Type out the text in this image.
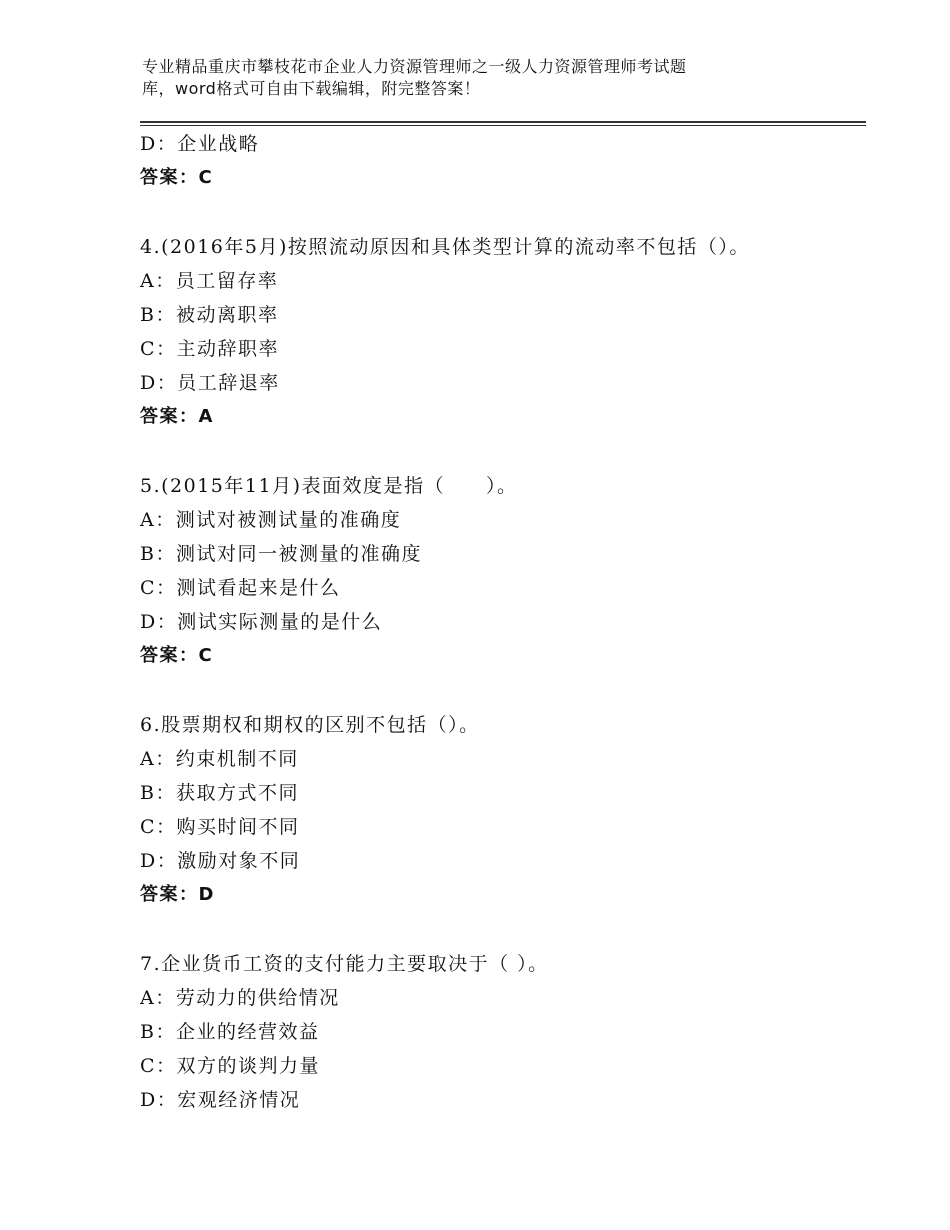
专业精品重庆市攀枝花市企业人力资源管理师之一级人力资源管理师考试题
库，word格式可自由下载编辑，附完整答案！
D：企业战略
答案：C
4.(2016年5月)按照流动原因和具体类型计算的流动率不包括（）。
A：员工留存率
B：被动离职率
C：主动辞职率
D：员工辞退率
答案：A
5.(2015年11月)表面效度是指（　　）。
A：测试对被测试量的准确度
B：测试对同一被测量的准确度
C：测试看起来是什么
D：测试实际测量的是什么
答案：C
6.股票期权和期权的区别不包括（）。
A：约束机制不同
B：获取方式不同
C：购买时间不同
D：激励对象不同
答案：D
7.企业货币工资的支付能力主要取决于（ ）。
A：劳动力的供给情况
B：企业的经营效益
C：双方的谈判力量
D：宏观经济情况
